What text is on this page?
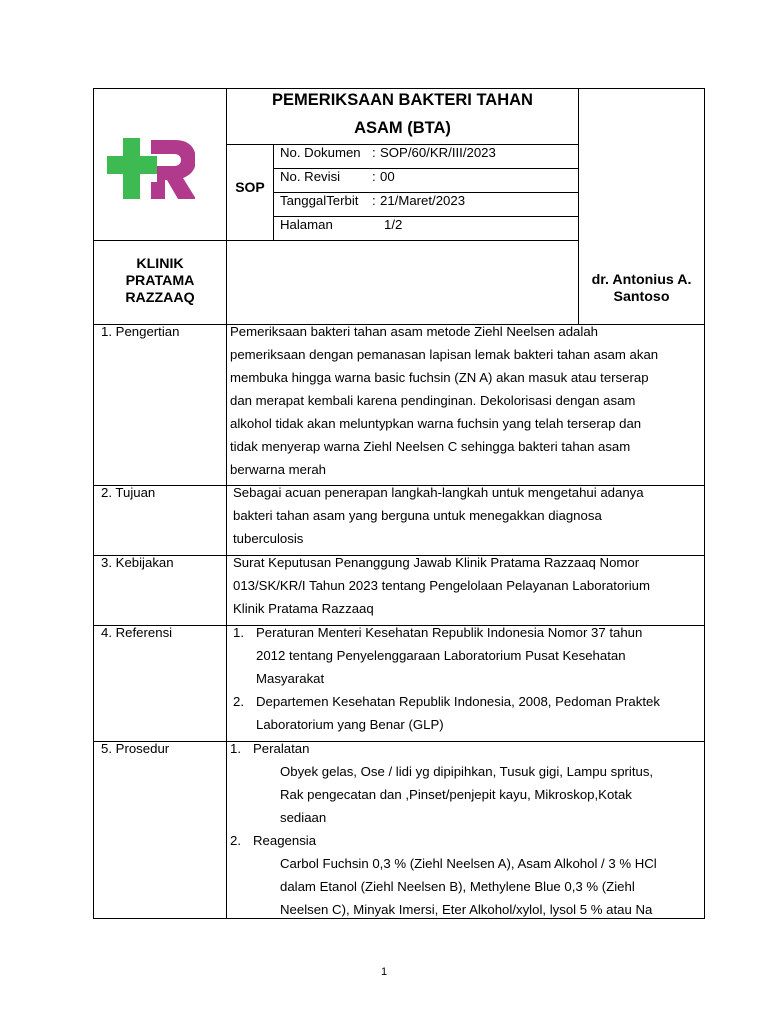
PEMERIKSAAN BAKTERI TAHAN
ASAM (BTA)
SOP
No. Dokumen : SOP/60/KR/III/2023
No. Revisi : 00
TanggalTerbit : 21/Maret/2023
Halaman	1/2
KLINIK
PRATAMA
RAZZAAQ
dr. Antonius A.
Santoso
1. Pengertian	Pemeriksaan bakteri tahan asam metode Ziehl Neelsen adalah
pemeriksaan dengan pemanasan lapisan lemak bakteri tahan asam akan
membuka hingga warna basic fuchsin (ZN A) akan masuk atau terserap
dan merapat kembali karena pendinginan. Dekolorisasi dengan asam
alkohol tidak akan meluntурkan warna fuchsin yang telah terserap dan
tidak menyerap warna Ziehl Neelsen C sehingga bakteri tahan asam
berwarna merah
2. Tujuan	Sebagai acuan penerapan langkah-langkah untuk mengetahui adanya
bakteri tahan asam yang berguna untuk menegakkan diagnosa
tuberculosis
3. Kebijakan	Surat Keputusan Penanggung Jawab Klinik Pratama Razzaaq Nomor
013/SK/KR/I Tahun 2023 tentang Pengelolaan Pelayanan Laboratorium
Klinik Pratama Razzaaq
4. Referensi	1. Peraturan Menteri Kesehatan Republik Indonesia Nomor 37 tahun
2012 tentang Penyelenggaraan Laboratorium Pusat Kesehatan
Masyarakat
2. Departemen Kesehatan Republik Indonesia, 2008, Pedoman Praktek
Laboratorium yang Benar (GLP)
5. Prosedur	1. Peralatan
Obyek gelas, Ose / lidi yg dipipihkan, Tusuk gigi, Lampu spritus,
Rak pengecatan dan ,Pinset/penjepit kayu, Mikroskop,Kotak
sediaan
2. Reagensia
Carbol Fuchsin 0,3 % (Ziehl Neelsen A), Asam Alkohol / 3 % HCl
dalam Etanol (Ziehl Neelsen B), Methylene Blue 0,3 % (Ziehl
Neelsen C), Minyak Imersi, Eter Alkohol/xylol, lysol 5 % atau Na
1
